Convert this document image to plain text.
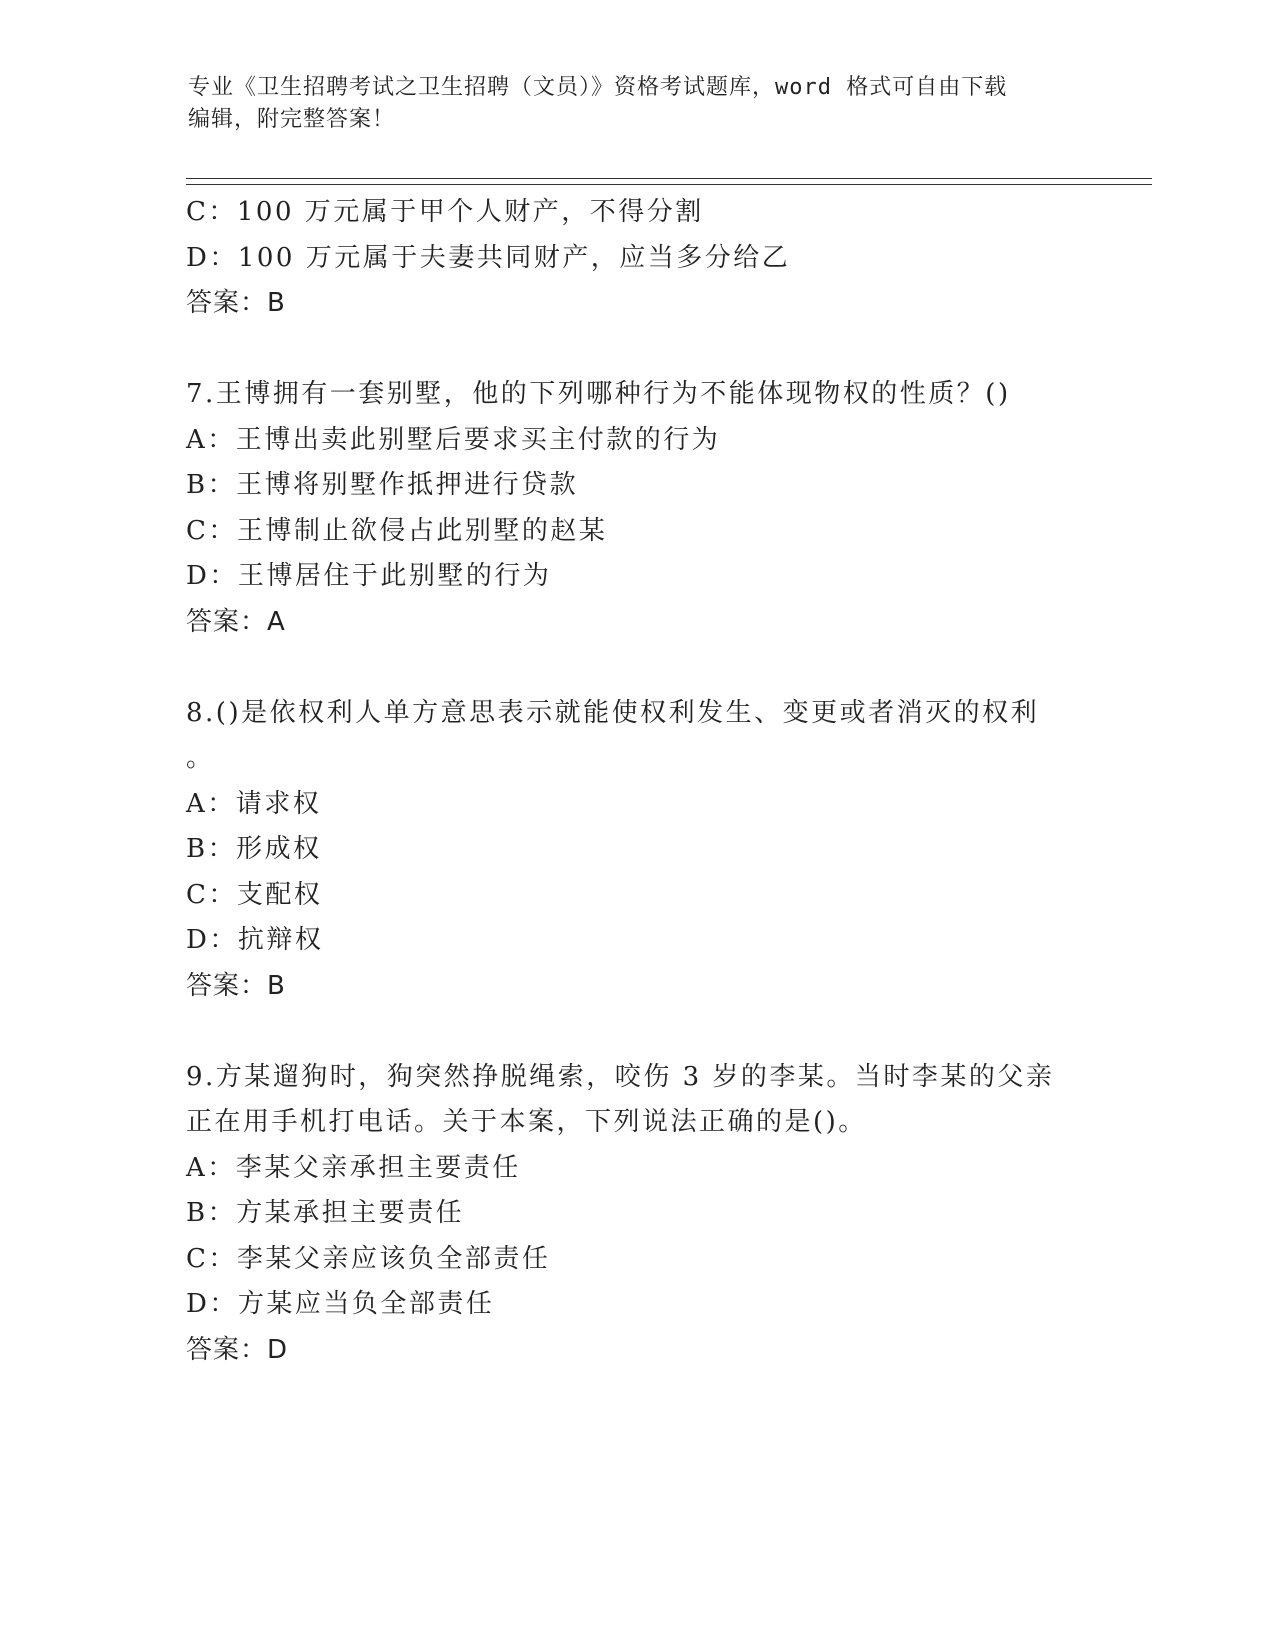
专业《卫生招聘考试之卫生招聘（文员）》资格考试题库，word 格式可自由下载
编辑，附完整答案！
C：100 万元属于甲个人财产，不得分割
D：100 万元属于夫妻共同财产，应当多分给乙
答案：B
7.王博拥有一套别墅，他的下列哪种行为不能体现物权的性质？()
A：王博出卖此别墅后要求买主付款的行为
B：王博将别墅作抵押进行贷款
C：王博制止欲侵占此别墅的赵某
D：王博居住于此别墅的行为
答案：A
8.()是依权利人单方意思表示就能使权利发生、变更或者消灭的权利
。
A：请求权
B：形成权
C：支配权
D：抗辩权
答案：B
9.方某遛狗时，狗突然挣脱绳索，咬伤 3 岁的李某。当时李某的父亲
正在用手机打电话。关于本案，下列说法正确的是()。
A：李某父亲承担主要责任
B：方某承担主要责任
C：李某父亲应该负全部责任
D：方某应当负全部责任
答案：D
